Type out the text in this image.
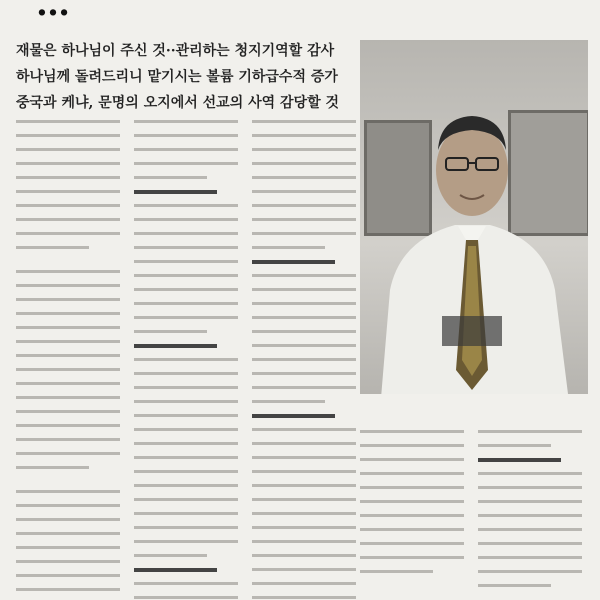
…
재물은 하나님이 주신 것··관리하는 청지기역할 감사
하나님께 돌려드리니 맡기시는 볼륨 기하급수적 증가
중국과 케냐, 문명의 오지에서 선교의 사역 감당할 것
